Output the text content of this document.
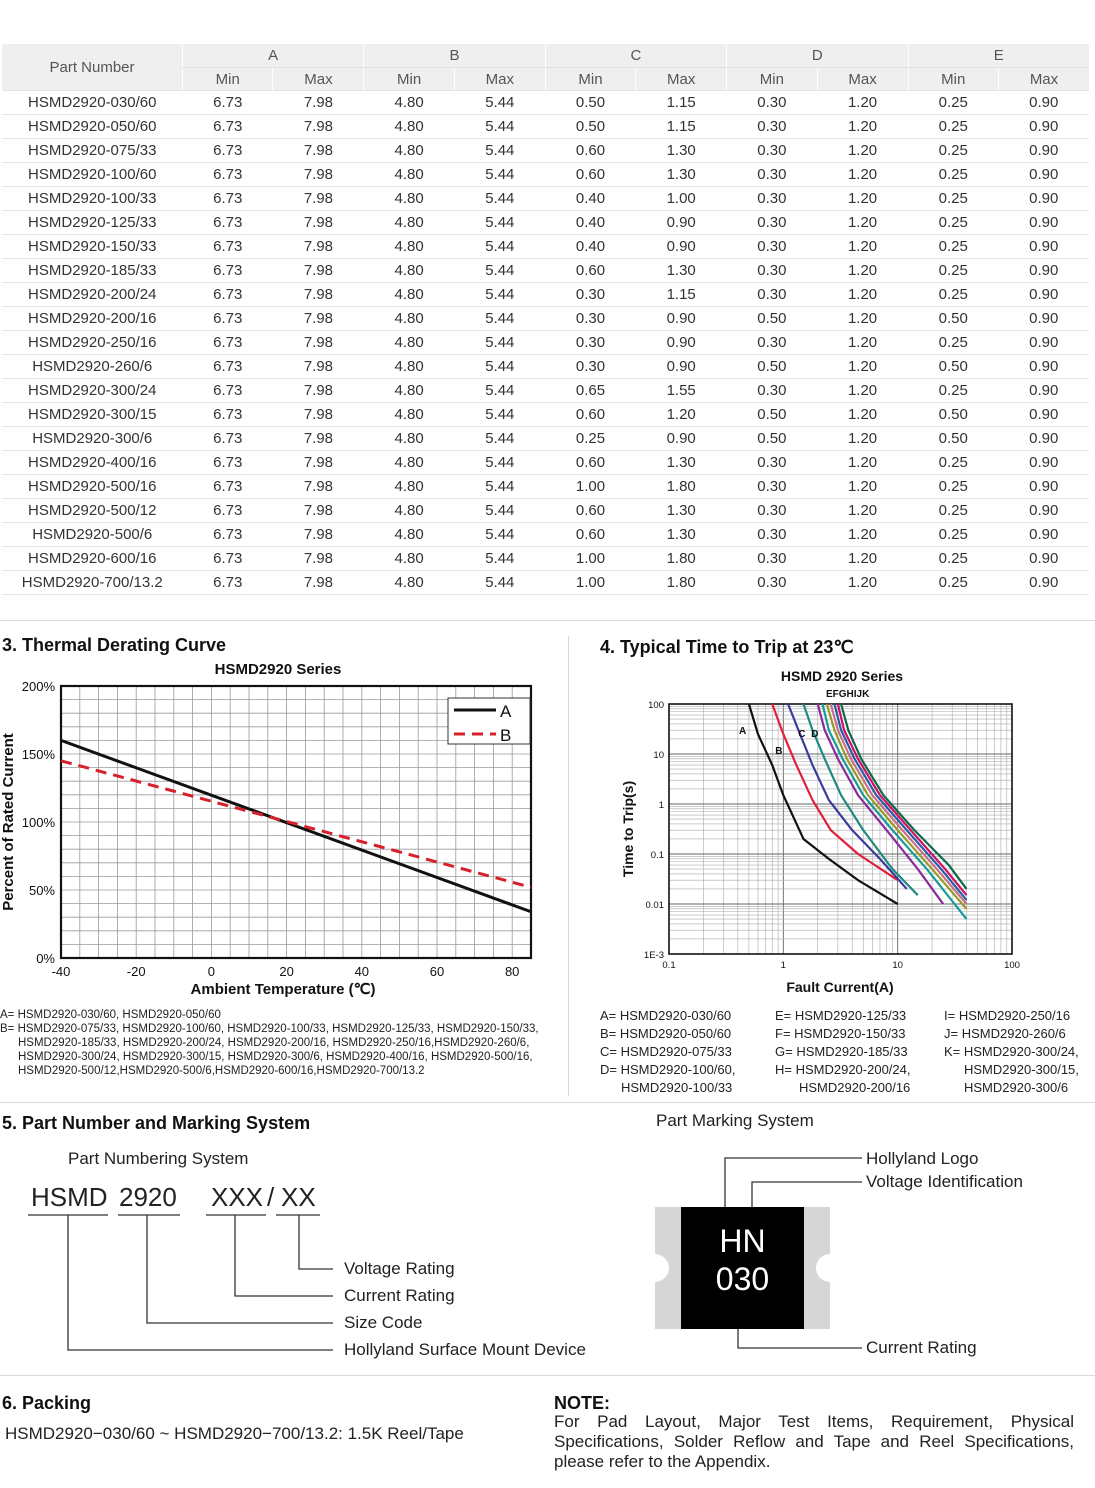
Part Number	A		B		C		D		E	
	Min	Max	Min	Max	Min	Max	Min	Max	Min	Max
HSMD2920-030/60	6.73	7.98	4.80	5.44	0.50	1.15	0.30	1.20	0.25	0.90
HSMD2920-050/60	6.73	7.98	4.80	5.44	0.50	1.15	0.30	1.20	0.25	0.90
HSMD2920-075/33	6.73	7.98	4.80	5.44	0.60	1.30	0.30	1.20	0.25	0.90
HSMD2920-100/60	6.73	7.98	4.80	5.44	0.60	1.30	0.30	1.20	0.25	0.90
HSMD2920-100/33	6.73	7.98	4.80	5.44	0.40	1.00	0.30	1.20	0.25	0.90
HSMD2920-125/33	6.73	7.98	4.80	5.44	0.40	0.90	0.30	1.20	0.25	0.90
HSMD2920-150/33	6.73	7.98	4.80	5.44	0.40	0.90	0.30	1.20	0.25	0.90
HSMD2920-185/33	6.73	7.98	4.80	5.44	0.60	1.30	0.30	1.20	0.25	0.90
HSMD2920-200/24	6.73	7.98	4.80	5.44	0.30	1.15	0.30	1.20	0.25	0.90
HSMD2920-200/16	6.73	7.98	4.80	5.44	0.30	0.90	0.50	1.20	0.50	0.90
HSMD2920-250/16	6.73	7.98	4.80	5.44	0.30	0.90	0.30	1.20	0.25	0.90
HSMD2920-260/6	6.73	7.98	4.80	5.44	0.30	0.90	0.50	1.20	0.50	0.90
HSMD2920-300/24	6.73	7.98	4.80	5.44	0.65	1.55	0.30	1.20	0.25	0.90
HSMD2920-300/15	6.73	7.98	4.80	5.44	0.60	1.20	0.50	1.20	0.50	0.90
HSMD2920-300/6	6.73	7.98	4.80	5.44	0.25	0.90	0.50	1.20	0.50	0.90
HSMD2920-400/16	6.73	7.98	4.80	5.44	0.60	1.30	0.30	1.20	0.25	0.90
HSMD2920-500/16	6.73	7.98	4.80	5.44	1.00	1.80	0.30	1.20	0.25	0.90
HSMD2920-500/12	6.73	7.98	4.80	5.44	0.60	1.30	0.30	1.20	0.25	0.90
HSMD2920-500/6	6.73	7.98	4.80	5.44	0.60	1.30	0.30	1.20	0.25	0.90
HSMD2920-600/16	6.73	7.98	4.80	5.44	1.00	1.80	0.30	1.20	0.25	0.90
HSMD2920-700/13.2	6.73	7.98	4.80	5.44	1.00	1.80	0.30	1.20	0.25	0.90
3. Thermal Derating Curve
A
B
-40	-20	0	20	40	60	80
0%
50%
100%
150%
200%
HSMD2920 Series
Ambient Temperature (℃)
Percent of Rated Current
A= HSMD2920-030/60, HSMD2920-050/60
B= HSMD2920-075/33, HSMD2920-100/60, HSMD2920-100/33, HSMD2920-125/33, HSMD2920-150/33,
HSMD2920-185/33, HSMD2920-200/24, HSMD2920-200/16, HSMD2920-250/16,HSMD2920-260/6,
HSMD2920-300/24, HSMD2920-300/15, HSMD2920-300/6, HSMD2920-400/16, HSMD2920-500/16,
HSMD2920-500/12,HSMD2920-500/6,HSMD2920-600/16,HSMD2920-700/13.2
4. Typical Time to Trip at 23℃
A
B
C D
EFGHIJK
0.1	1	10	100
1E-3
0.01
0.1
1
10
100
HSMD 2920 Series
Fault Current(A)
Time to Trip(s)
A= HSMD2920-030/60
B= HSMD2920-050/60
C= HSMD2920-075/33
D= HSMD2920-100/60,
HSMD2920-100/33
E= HSMD2920-125/33
F= HSMD2920-150/33
G= HSMD2920-185/33
H= HSMD2920-200/24,
HSMD2920-200/16
I= HSMD2920-250/16
J= HSMD2920-260/6
K= HSMD2920-300/24,
HSMD2920-300/15,
HSMD2920-300/6
5. Part Number and Marking System
Part Numbering System
Part Marking System
HSMD 2920 XXX / XX
Voltage Rating
Current Rating
Size Code
Hollyland Surface Mount Device
HN
030
Hollyland Logo
Voltage Identification
Current Rating
6. Packing
HSMD2920−030/60 ~ HSMD2920−700/13.2: 1.5K Reel/Tape
NOTE:
For Pad Layout, Major Test Items, Requirement, Physical Specifications, Solder Reflow and Tape and Reel Specifications, please refer to the Appendix.
